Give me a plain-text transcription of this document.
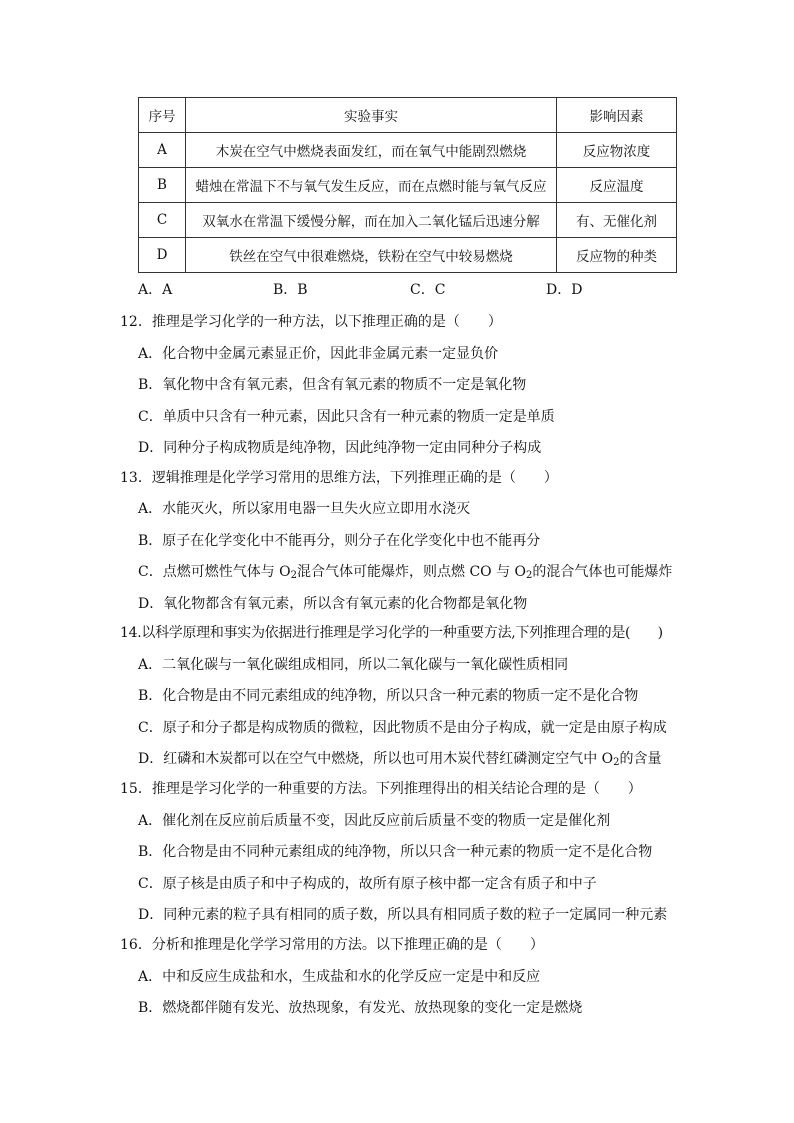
序号	实验事实	影响因素
A	木炭在空气中燃烧表面发红，而在氧气中能剧烈燃烧	反应物浓度
B	蜡烛在常温下不与氧气发生反应，而在点燃时能与氧气反应	反应温度
C	双氧水在常温下缓慢分解，而在加入二氧化锰后迅速分解	有、无催化剂
D	铁丝在空气中很难燃烧，铁粉在空气中较易燃烧	反应物的种类
A．A	B．B	C．C	D．D
12．推理是学习化学的一种方法，以下推理正确的是（　　）
A．化合物中金属元素显正价，因此非金属元素一定显负价
B．氧化物中含有氧元素，但含有氧元素的物质不一定是氧化物
C．单质中只含有一种元素，因此只含有一种元素的物质一定是单质
D．同种分子构成物质是纯净物，因此纯净物一定由同种分子构成
13．逻辑推理是化学学习常用的思维方法，下列推理正确的是（　　）
A．水能灭火，所以家用电器一旦失火应立即用水浇灭
B．原子在化学变化中不能再分，则分子在化学变化中也不能再分
C．点燃可燃性气体与 $O_2$混合气体可能爆炸，则点燃 CO 与 $O_2$的混合气体也可能爆炸
D．氧化物都含有氧元素，所以含有氧元素的化合物都是氧化物
14.以科学原理和事实为依据进行推理是学习化学的一种重要方法,下列推理合理的是(　　)
A．二氧化碳与一氧化碳组成相同，所以二氧化碳与一氧化碳性质相同
B．化合物是由不同元素组成的纯净物，所以只含一种元素的物质一定不是化合物
C．原子和分子都是构成物质的微粒，因此物质不是由分子构成，就一定是由原子构成
D．红磷和木炭都可以在空气中燃烧，所以也可用木炭代替红磷测定空气中 $O_2$的含量
15．推理是学习化学的一种重要的方法。下列推理得出的相关结论合理的是（　　）
A．催化剂在反应前后质量不变，因此反应前后质量不变的物质一定是催化剂
B．化合物是由不同种元素组成的纯净物，所以只含一种元素的物质一定不是化合物
C．原子核是由质子和中子构成的，故所有原子核中都一定含有质子和中子
D．同种元素的粒子具有相同的质子数，所以具有相同质子数的粒子一定属同一种元素
16．分析和推理是化学学习常用的方法。以下推理正确的是（　　）
A．中和反应生成盐和水，生成盐和水的化学反应一定是中和反应
B．燃烧都伴随有发光、放热现象，有发光、放热现象的变化一定是燃烧
